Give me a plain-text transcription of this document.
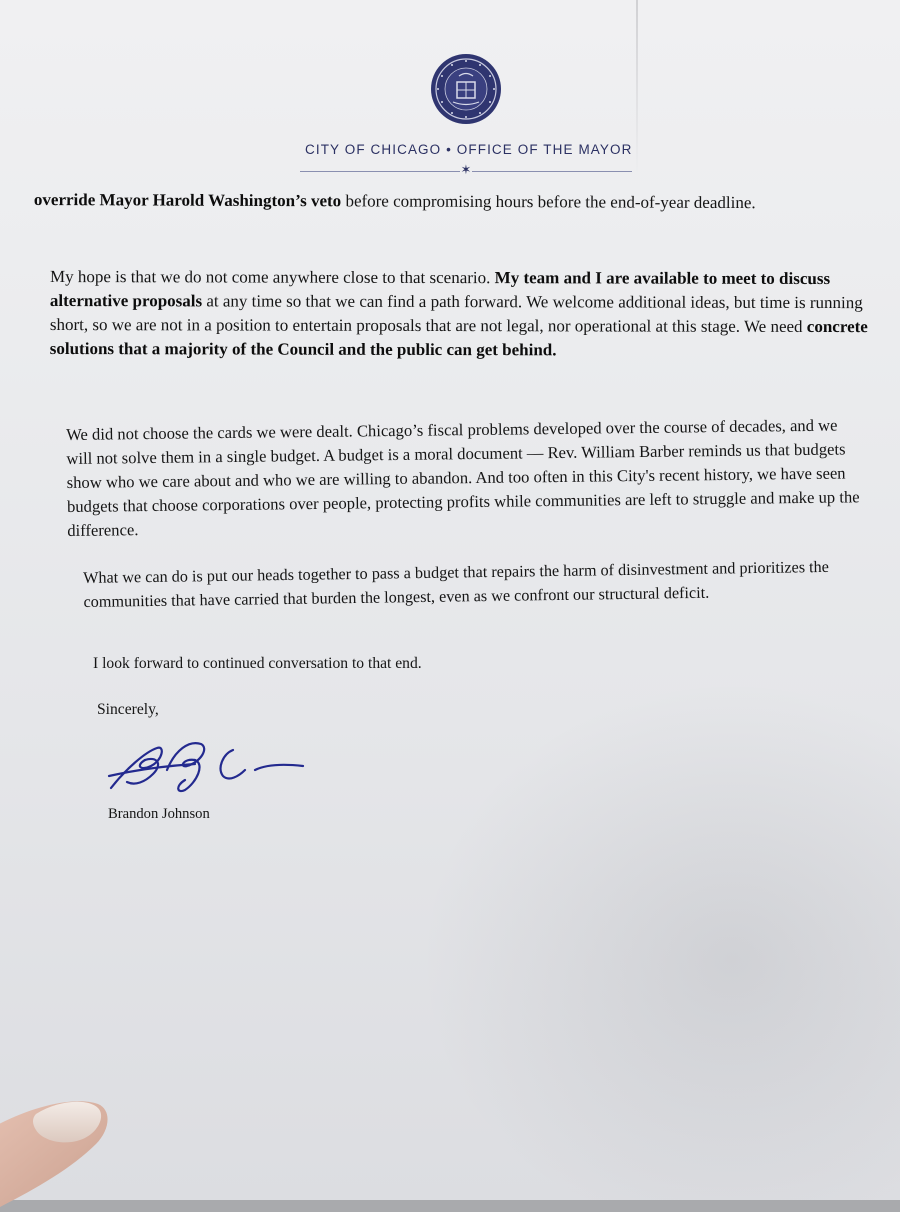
CITY OF CHICAGO • OFFICE OF THE MAYOR
✶

override Mayor Harold Washington’s veto before compromising hours before the end-of-year deadline.

My hope is that we do not come anywhere close to that scenario. My team and I are available to meet to discuss alternative proposals at any time so that we can find a path forward. We welcome additional ideas, but time is running short, so we are not in a position to entertain proposals that are not legal, nor operational at this stage. We need concrete solutions that a majority of the Council and the public can get behind.

We did not choose the cards we were dealt. Chicago’s fiscal problems developed over the course of decades, and we will not solve them in a single budget. A budget is a moral document — Rev. William Barber reminds us that budgets show who we care about and who we are willing to abandon. And too often in this City's recent history, we have seen budgets that choose corporations over people, protecting profits while communities are left to struggle and make up the difference.

What we can do is put our heads together to pass a budget that repairs the harm of disinvestment and prioritizes the communities that have carried that burden the longest, even as we confront our structural deficit.

I look forward to continued conversation to that end.

Sincerely,

Brandon Johnson
